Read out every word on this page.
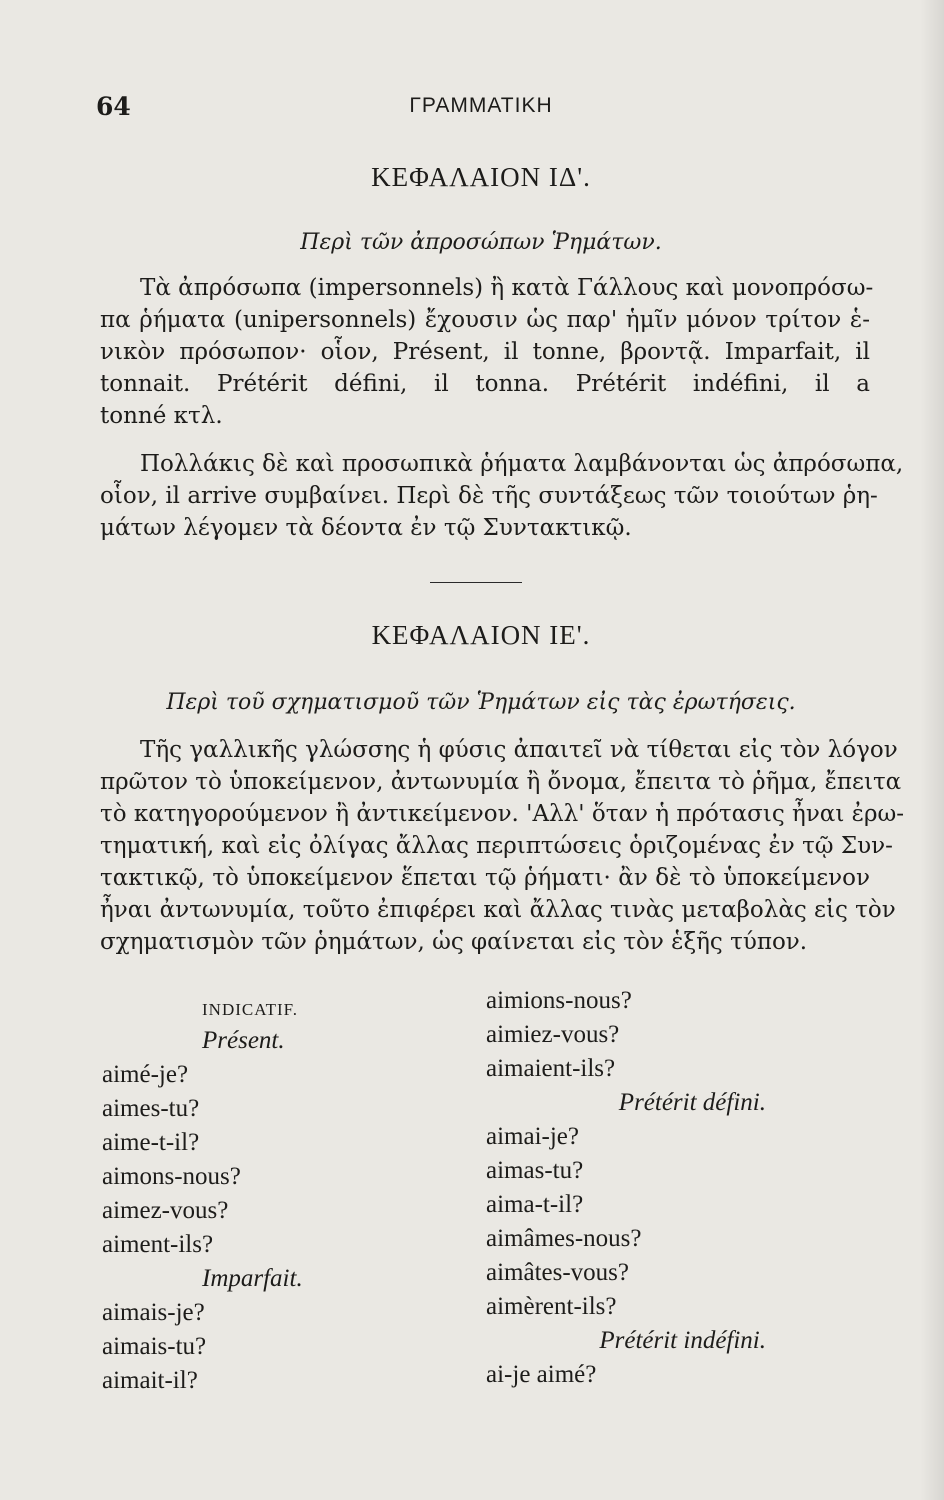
64	ΓΡΑΜΜΑΤΙΚΗ
ΚΕΦΑΛΑΙΟΝ ΙΔ'.
Περὶ τῶν ἀπροσώπων Ῥημάτων.
Τὰ ἀπρόσωπα (impersonnels) ἢ κατὰ Γάλλους καὶ μονοπρόσω-
πα ῥήματα (unipersonnels) ἔχουσιν ὡς παρ' ἡμῖν μόνον τρίτον ἑ-
νικὸν πρόσωπον· οἷον, Présent, il tonne, βροντᾷ. Imparfait, il
tonnait. Prétérit défini, il tonna. Prétérit indéfini, il a
tonné κτλ.
Πολλάκις δὲ καὶ προσωπικὰ ῥήματα λαμβάνονται ὡς ἀπρόσωπα,
οἷον, il arrive συμβαίνει. Περὶ δὲ τῆς συντάξεως τῶν τοιούτων ῥη-
μάτων λέγομεν τὰ δέοντα ἐν τῷ Συντακτικῷ.
ΚΕΦΑΛΑΙΟΝ ΙΕ'.
Περὶ τοῦ σχηματισμοῦ τῶν Ῥημάτων εἰς τὰς ἐρωτήσεις.
Τῆς γαλλικῆς γλώσσης ἡ φύσις ἀπαιτεῖ νὰ τίθεται εἰς τὸν λόγον
πρῶτον τὸ ὑποκείμενον, ἀντωνυμία ἢ ὄνομα, ἔπειτα τὸ ῥῆμα, ἔπειτα
τὸ κατηγορούμενον ἢ ἀντικείμενον. 'Αλλ' ὅταν ἡ πρότασις ἦναι ἐρω-
τηματική, καὶ εἰς ὀλίγας ἄλλας περιπτώσεις ὁριζομένας ἐν τῷ Συν-
τακτικῷ, τὸ ὑποκείμενον ἕπεται τῷ ῥήματι· ἂν δὲ τὸ ὑποκείμενον
ἦναι ἀντωνυμία, τοῦτο ἐπιφέρει καὶ ἄλλας τινὰς μεταβολὰς εἰς τὸν
σχηματισμὸν τῶν ῥημάτων, ὡς φαίνεται εἰς τὸν ἑξῆς τύπον.
INDICATIF.
Présent.
aimé-je?
aimes-tu?
aime-t-il?
aimons-nous?
aimez-vous?
aiment-ils?
Imparfait.
aimais-je?
aimais-tu?
aimait-il?
aimions-nous?
aimiez-vous?
aimaient-ils?
Prétérit défini.
aimai-je?
aimas-tu?
aima-t-il?
aimâmes-nous?
aimâtes-vous?
aimèrent-ils?
Prétérit indéfini.
ai-je aimé?
